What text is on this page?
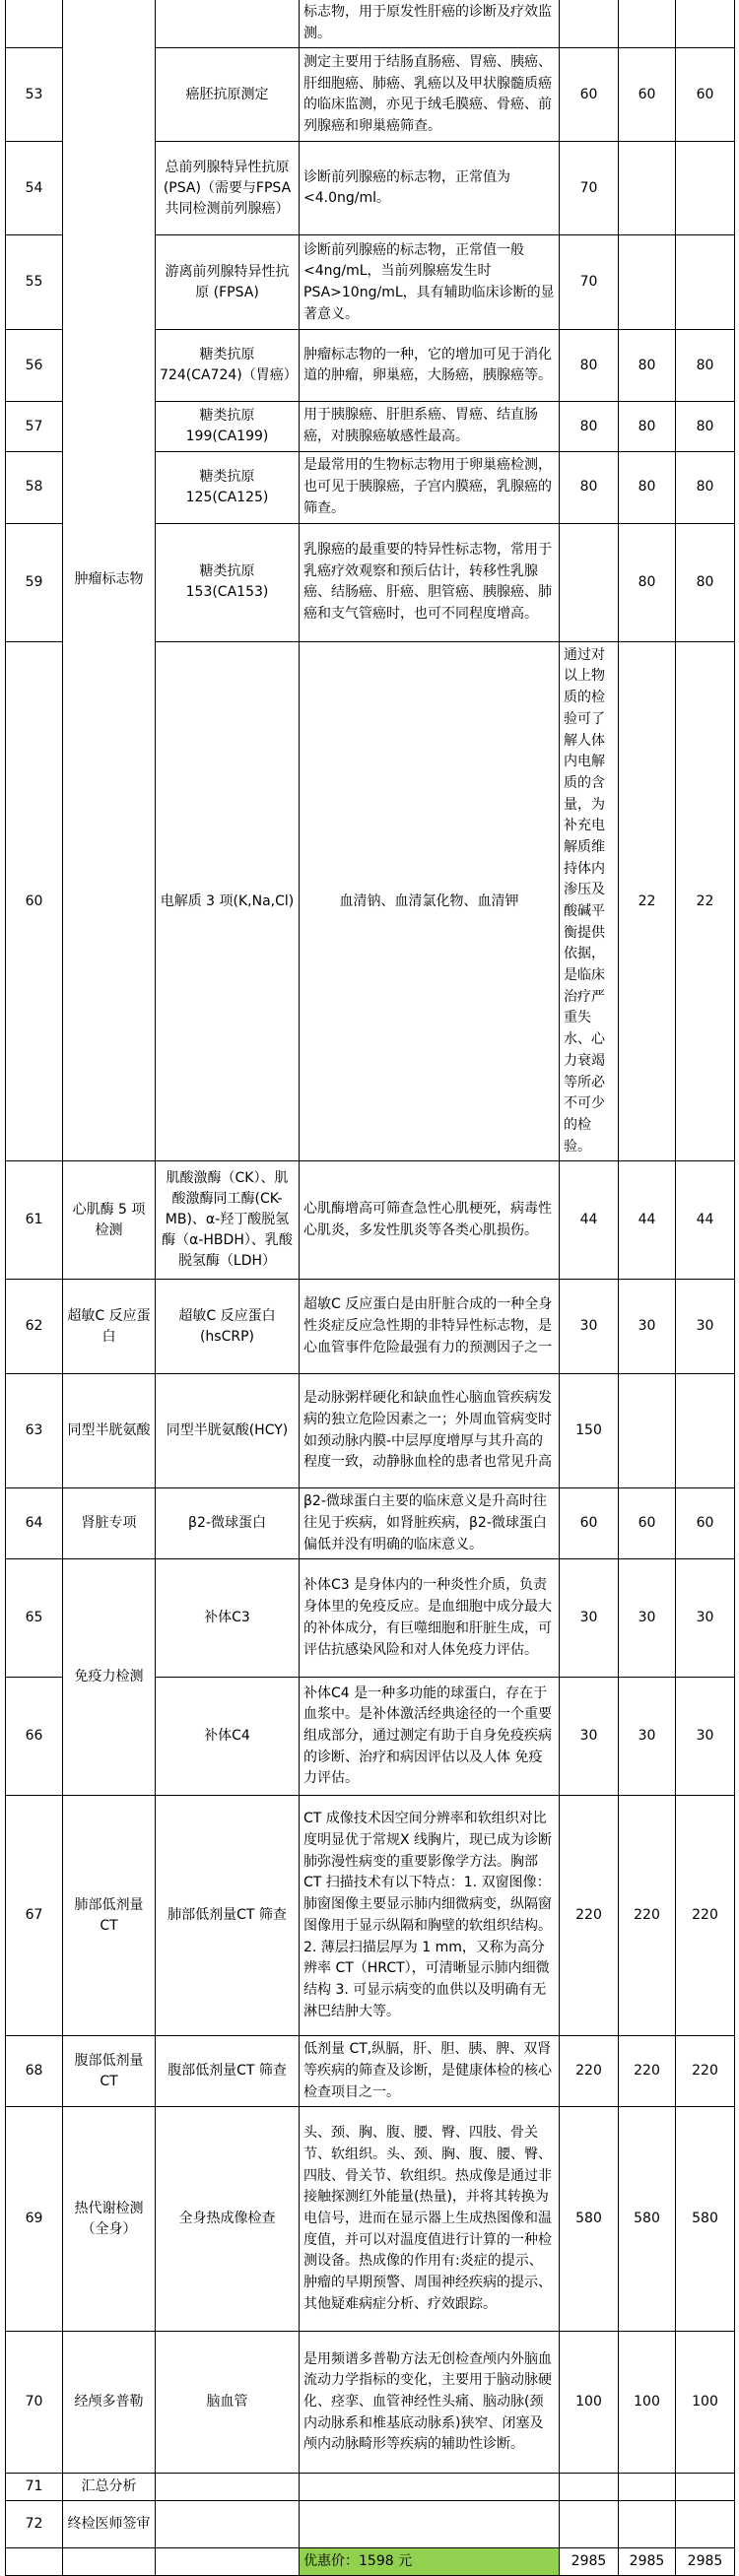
	肿瘤标志物		标志物，用于原发性肝癌的诊断及疗效监测。				
53		癌胚抗原测定	测定主要用于结肠直肠癌、胃癌、胰癌、肝细胞癌、肺癌、乳癌以及甲状腺髓质癌的临床监测，亦见于绒毛膜癌、骨癌、前列腺癌和卵巢癌筛查。	60	60	60	
54		总前列腺特异性抗原(PSA)（需要与FPSA共同检测前列腺癌）	诊断前列腺癌的标志物，正常值为<4.0ng/ml。	70			
55		游离前列腺特异性抗原 (FPSA)	诊断前列腺癌的标志物，正常值一般<4ng/mL，当前列腺癌发生时PSA>10ng/mL，具有辅助临床诊断的显著意义。	70			
56		糖类抗原724(CA724)（胃癌）	肿瘤标志物的一种，它的增加可见于消化道的肿瘤，卵巢癌，大肠癌，胰腺癌等。	80	80	80	
57		糖类抗原199(CA199)	用于胰腺癌、肝胆系癌、胃癌、结直肠癌，对胰腺癌敏感性最高。	80	80	80	
58		糖类抗原125(CA125)	是最常用的生物标志物用于卵巢癌检测，也可见于胰腺癌，子宫内膜癌，乳腺癌的筛查。	80	80	80	
59		糖类抗原153(CA153)	乳腺癌的最重要的特异性标志物，常用于乳癌疗效观察和预后估计，转移性乳腺癌、结肠癌、肝癌、胆管癌、胰腺癌、肺癌和支气管癌时，也可不同程度增高。		80	80	
60		电解质 3 项(K,Na,Cl)	血清钠、血清氯化物、血清钾	通过对以上物质的检验可了解人体内电解质的含量，为补充电解质维持体内渗压及酸碱平衡提供依据，是临床治疗严重失水、心力衰竭等所必不可少的检验。	22	22	
61	心肌酶 5 项检测	肌酸激酶（CK）、肌酸激酶同工酶(CK-MB)、α-羟丁酸脱氢酶（α-HBDH）、乳酸脱氢酶（LDH）	心肌酶增高可筛查急性心肌梗死，病毒性心肌炎，多发性肌炎等各类心肌损伤。	44	44	44	
62	超敏C 反应蛋白	超敏C 反应蛋白(hsCRP)	超敏C 反应蛋白是由肝脏合成的一种全身性炎症反应急性期的非特异性标志物，是心血管事件危险最强有力的预测因子之一	30	30	30	
63	同型半胱氨酸	同型半胱氨酸(HCY)	是动脉粥样硬化和缺血性心脑血管疾病发病的独立危险因素之一；外周血管病变时如颈动脉内膜-中层厚度增厚与其升高的程度一致，动静脉血栓的患者也常见升高	150			
64	肾脏专项	β2-微球蛋白	β2-微球蛋白主要的临床意义是升高时往往见于疾病，如肾脏疾病，β2-微球蛋白偏低并没有明确的临床意义。	60	60	60	
65	免疫力检测	补体C3	补体C3 是身体内的一种炎性介质，负责身体里的免疫反应。是血细胞中成分最大的补体成分，有巨噬细胞和肝脏生成，可评估抗感染风险和对人体免疫力评估。	30	30	30	
66		补体C4	补体C4 是一种多功能的球蛋白，存在于血浆中。是补体激活经典途径的一个重要组成部分，通过测定有助于自身免疫疾病的诊断、治疗和病因评估以及人体 免疫力评估。	30	30	30	
67	肺部低剂量CT	肺部低剂量CT 筛查	CT 成像技术因空间分辨率和软组织对比度明显优于常规X 线胸片，现已成为诊断肺弥漫性病变的重要影像学方法。胸部CT 扫描技术有以下特点：1. 双窗图像：肺窗图像主要显示肺内细微病变，纵隔窗图像用于显示纵隔和胸壁的软组织结构。2. 薄层扫描层厚为 1 mm，又称为高分辨率 CT（HRCT），可清晰显示肺内细微结构 3. 可显示病变的血供以及明确有无淋巴结肿大等。	220	220	220	
68	腹部低剂量CT	腹部低剂量CT 筛查	低剂量 CT,纵膈，肝、胆、胰、脾、双肾等疾病的筛查及诊断，是健康体检的核心检查项目之一。	220	220	220	
69	热代谢检测（全身）	全身热成像检查	头、颈、胸、腹、腰、臀、四肢、骨关节、软组织。头、颈、胸、腹、腰、臀、四肢、骨关节、软组织。热成像是通过非接触探测红外能量(热量)，并将其转换为电信号，进而在显示器上生成热图像和温度值，并可以对温度值进行计算的一种检测设备。热成像的作用有:炎症的提示、肿瘤的早期预警、周围神经疾病的提示、其他疑难病症分析、疗效跟踪。	580	580	580	
70	经颅多普勒	脑血管	是用频谱多普勒方法无创检查颅内外脑血流动力学指标的变化，主要用于脑动脉硬化、痉挛、血管神经性头痛、脑动脉(颈内动脉系和椎基底动脉系)狭窄、闭塞及颅内动脉畸形等疾病的辅助性诊断。	100	100	100	
71	汇总分析						
72	终检医师签审						
			优惠价：1598 元	2985	2985	2985	
